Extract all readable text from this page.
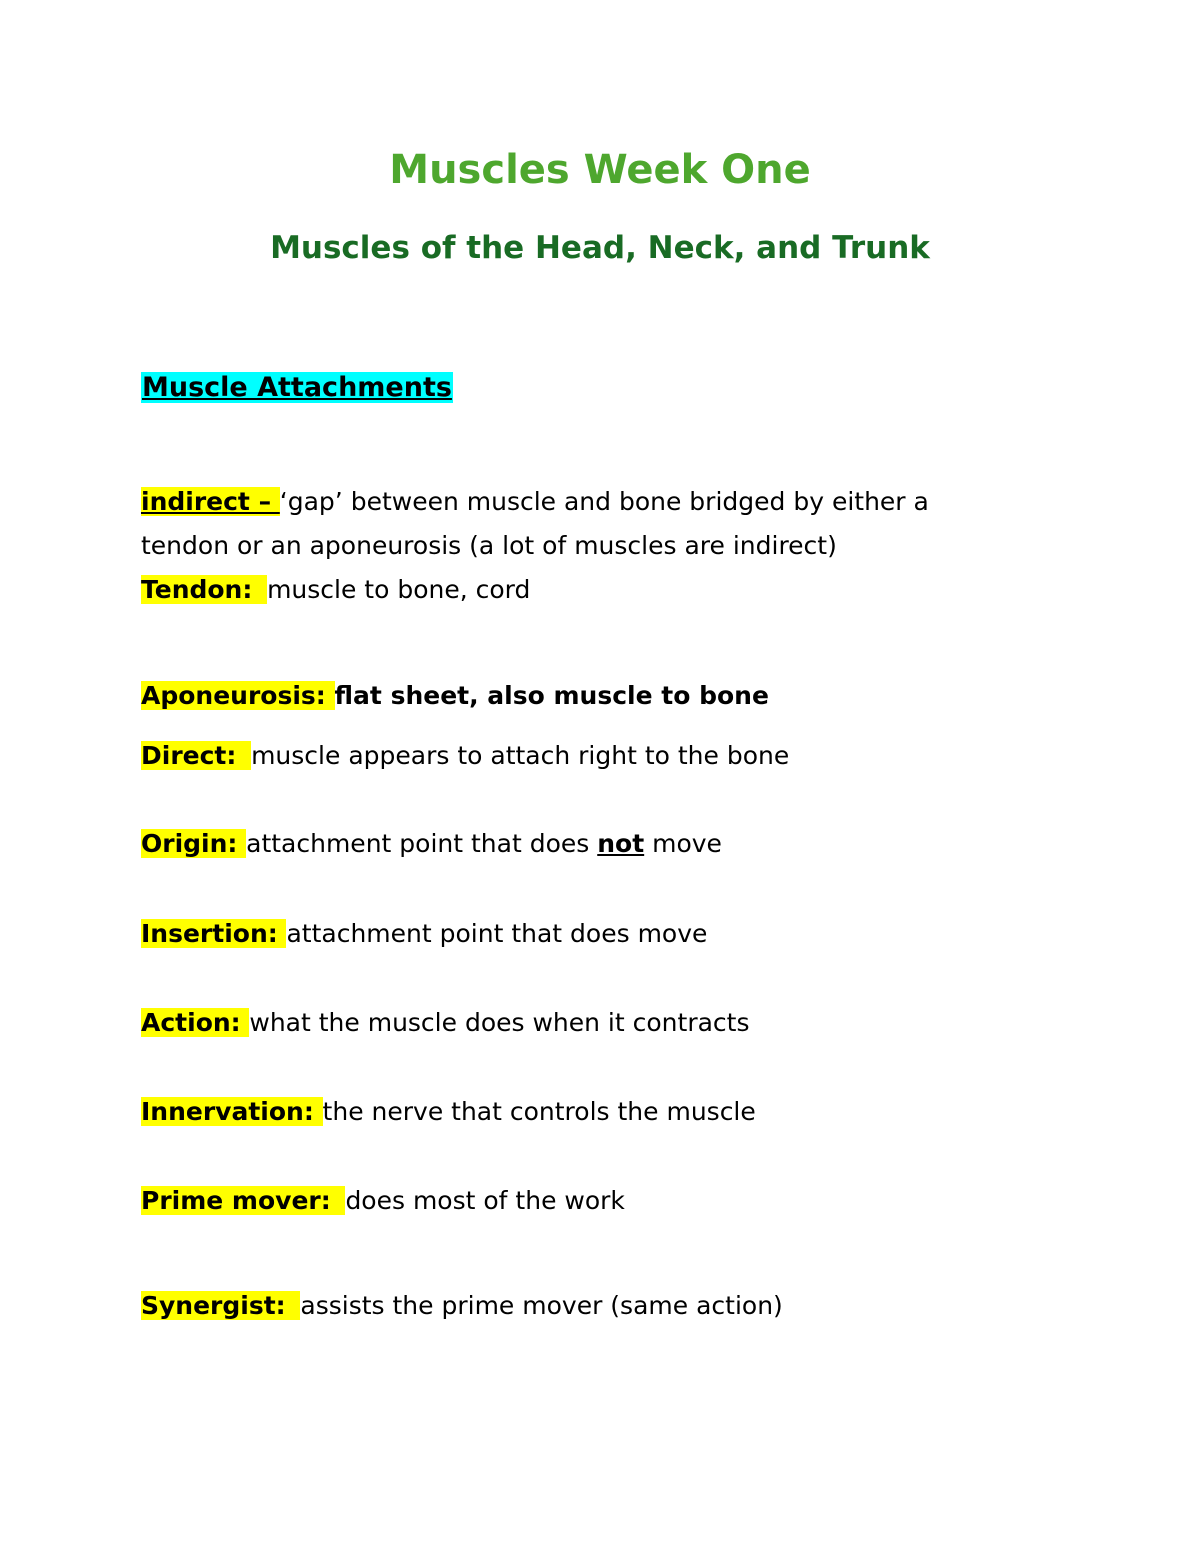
Muscles Week One
Muscles of the Head, Neck, and Trunk
Muscle Attachments

indirect – ‘gap’ between muscle and bone bridged by either a

tendon or an aponeurosis (a lot of muscles are indirect)

Tendon: muscle to bone, cord

Aponeurosis: flat sheet, also muscle to bone

Direct: muscle appears to attach right to the bone

Origin: attachment point that does not move

Insertion: attachment point that does move

Action: what the muscle does when it contracts

Innervation: the nerve that controls the muscle

Prime mover: does most of the work

Synergist: assists the prime mover (same action)
